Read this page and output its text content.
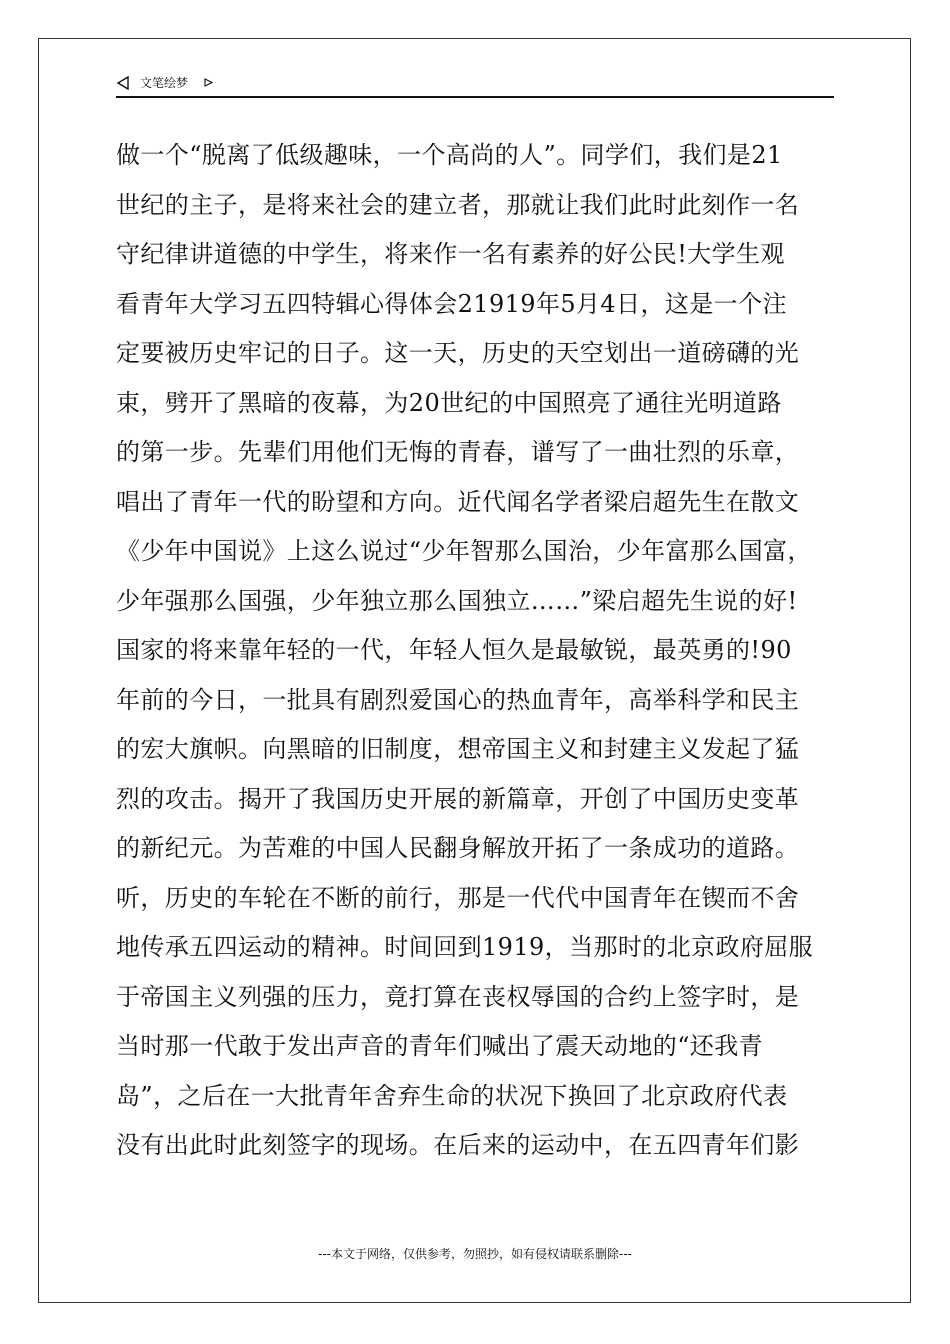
文笔绘梦
做一个“脱离了低级趣味，一个高尚的人”。同学们，我们是21
世纪的主子，是将来社会的建立者，那就让我们此时此刻作一名
守纪律讲道德的中学生，将来作一名有素养的好公民!大学生观
看青年大学习五四特辑心得体会21919年5月4日，这是一个注
定要被历史牢记的日子。这一天，历史的天空划出一道磅礴的光
束，劈开了黑暗的夜幕，为20世纪的中国照亮了通往光明道路
的第一步。先辈们用他们无悔的青春，谱写了一曲壮烈的乐章，
唱出了青年一代的盼望和方向。近代闻名学者梁启超先生在散文
《少年中国说》上这么说过“少年智那么国治，少年富那么国富，
少年强那么国强，少年独立那么国独立……”梁启超先生说的好!
国家的将来靠年轻的一代，年轻人恒久是最敏锐，最英勇的!90
年前的今日，一批具有剧烈爱国心的热血青年，高举科学和民主
的宏大旗帜。向黑暗的旧制度，想帝国主义和封建主义发起了猛
烈的攻击。揭开了我国历史开展的新篇章，开创了中国历史变革
的新纪元。为苦难的中国人民翻身解放开拓了一条成功的道路。
听，历史的车轮在不断的前行，那是一代代中国青年在锲而不舍
地传承五四运动的精神。时间回到1919，当那时的北京政府屈服
于帝国主义列强的压力，竟打算在丧权辱国的合约上签字时，是
当时那一代敢于发出声音的青年们喊出了震天动地的“还我青
岛”，之后在一大批青年舍弃生命的状况下换回了北京政府代表
没有出此时此刻签字的现场。在后来的运动中，在五四青年们影
---本文于网络，仅供参考，勿照抄，如有侵权请联系删除---
